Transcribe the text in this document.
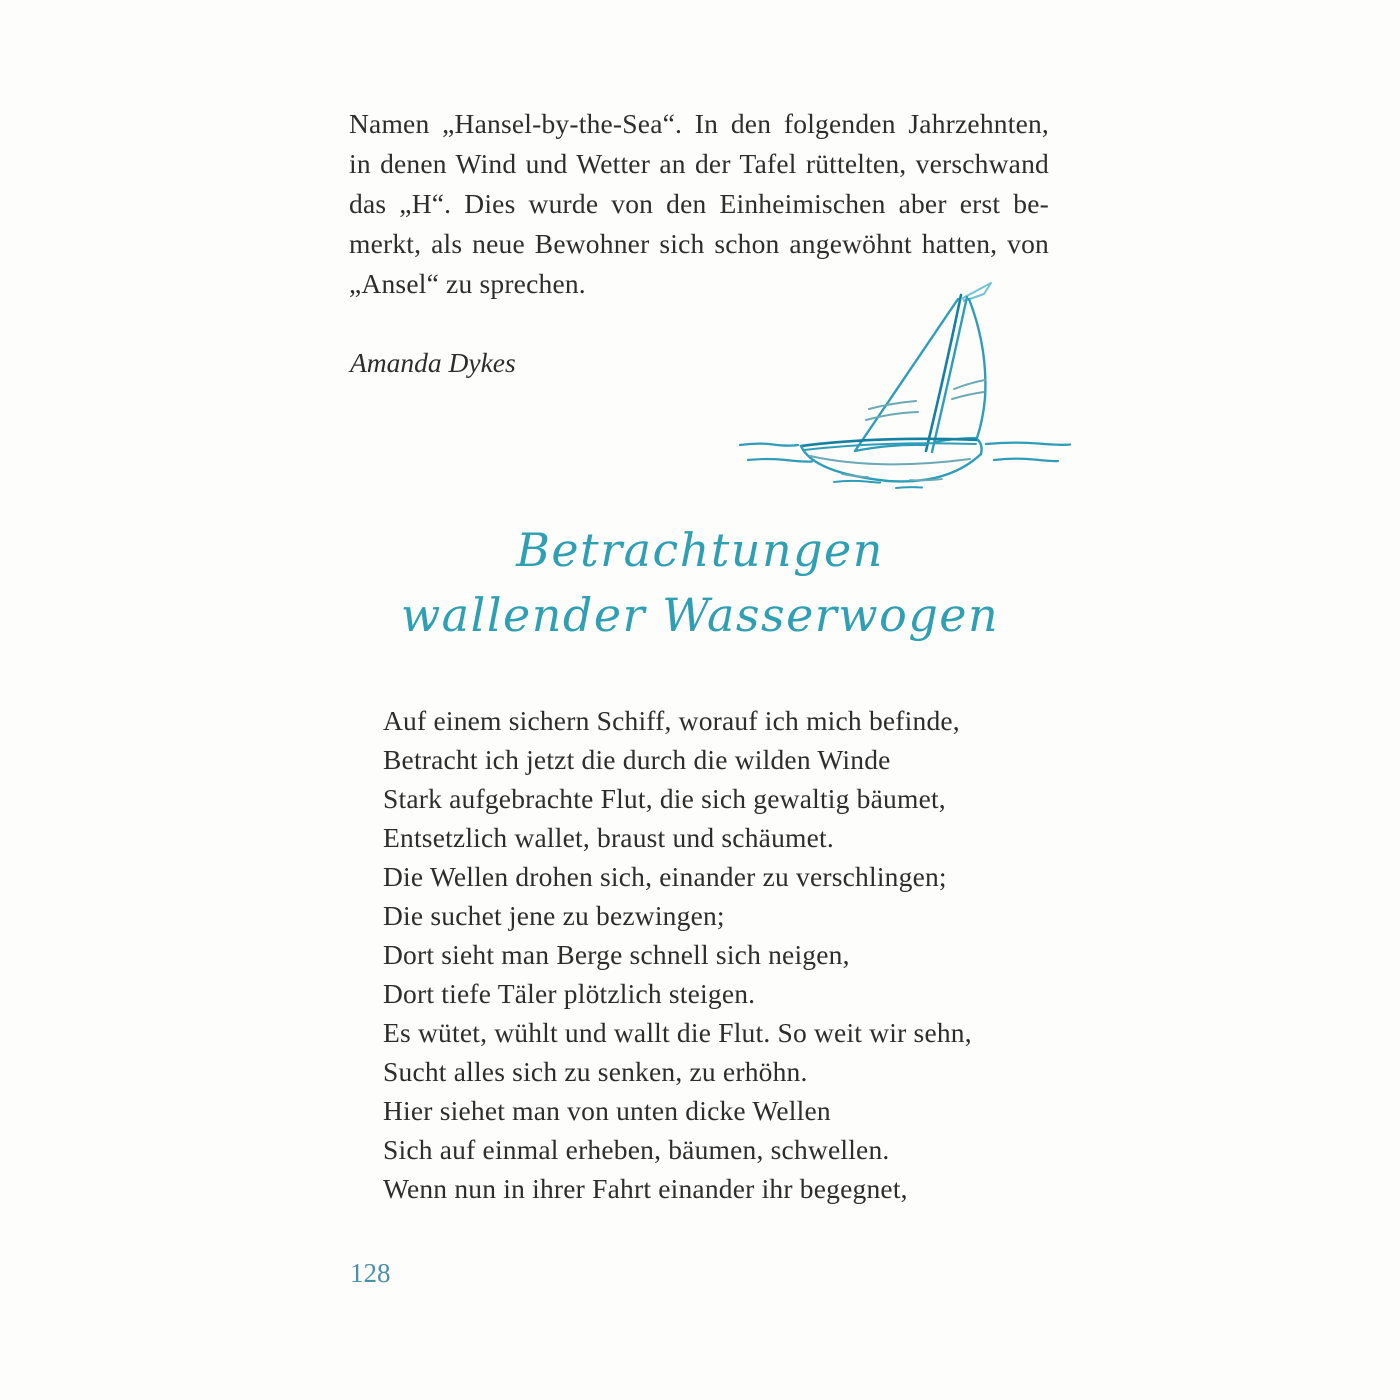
Namen „Hansel-by-the-Sea“. In den folgenden Jahrzehnten,
in denen Wind und Wetter an der Tafel rüttelten, verschwand
das „H“. Dies wurde von den Einheimischen aber erst be-
merkt, als neue Bewohner sich schon angewöhnt hatten, von
„Ansel“ zu sprechen.
Amanda Dykes
Betrachtungen
wallender Wasserwogen
Auf einem sichern Schiff, worauf ich mich befinde,
Betracht ich jetzt die durch die wilden Winde
Stark aufgebrachte Flut, die sich gewaltig bäumet,
Entsetzlich wallet, braust und schäumet.
Die Wellen drohen sich, einander zu verschlingen;
Die suchet jene zu bezwingen;
Dort sieht man Berge schnell sich neigen,
Dort tiefe Täler plötzlich steigen.
Es wütet, wühlt und wallt die Flut. So weit wir sehn,
Sucht alles sich zu senken, zu erhöhn.
Hier siehet man von unten dicke Wellen
Sich auf einmal erheben, bäumen, schwellen.
Wenn nun in ihrer Fahrt einander ihr begegnet,
128
